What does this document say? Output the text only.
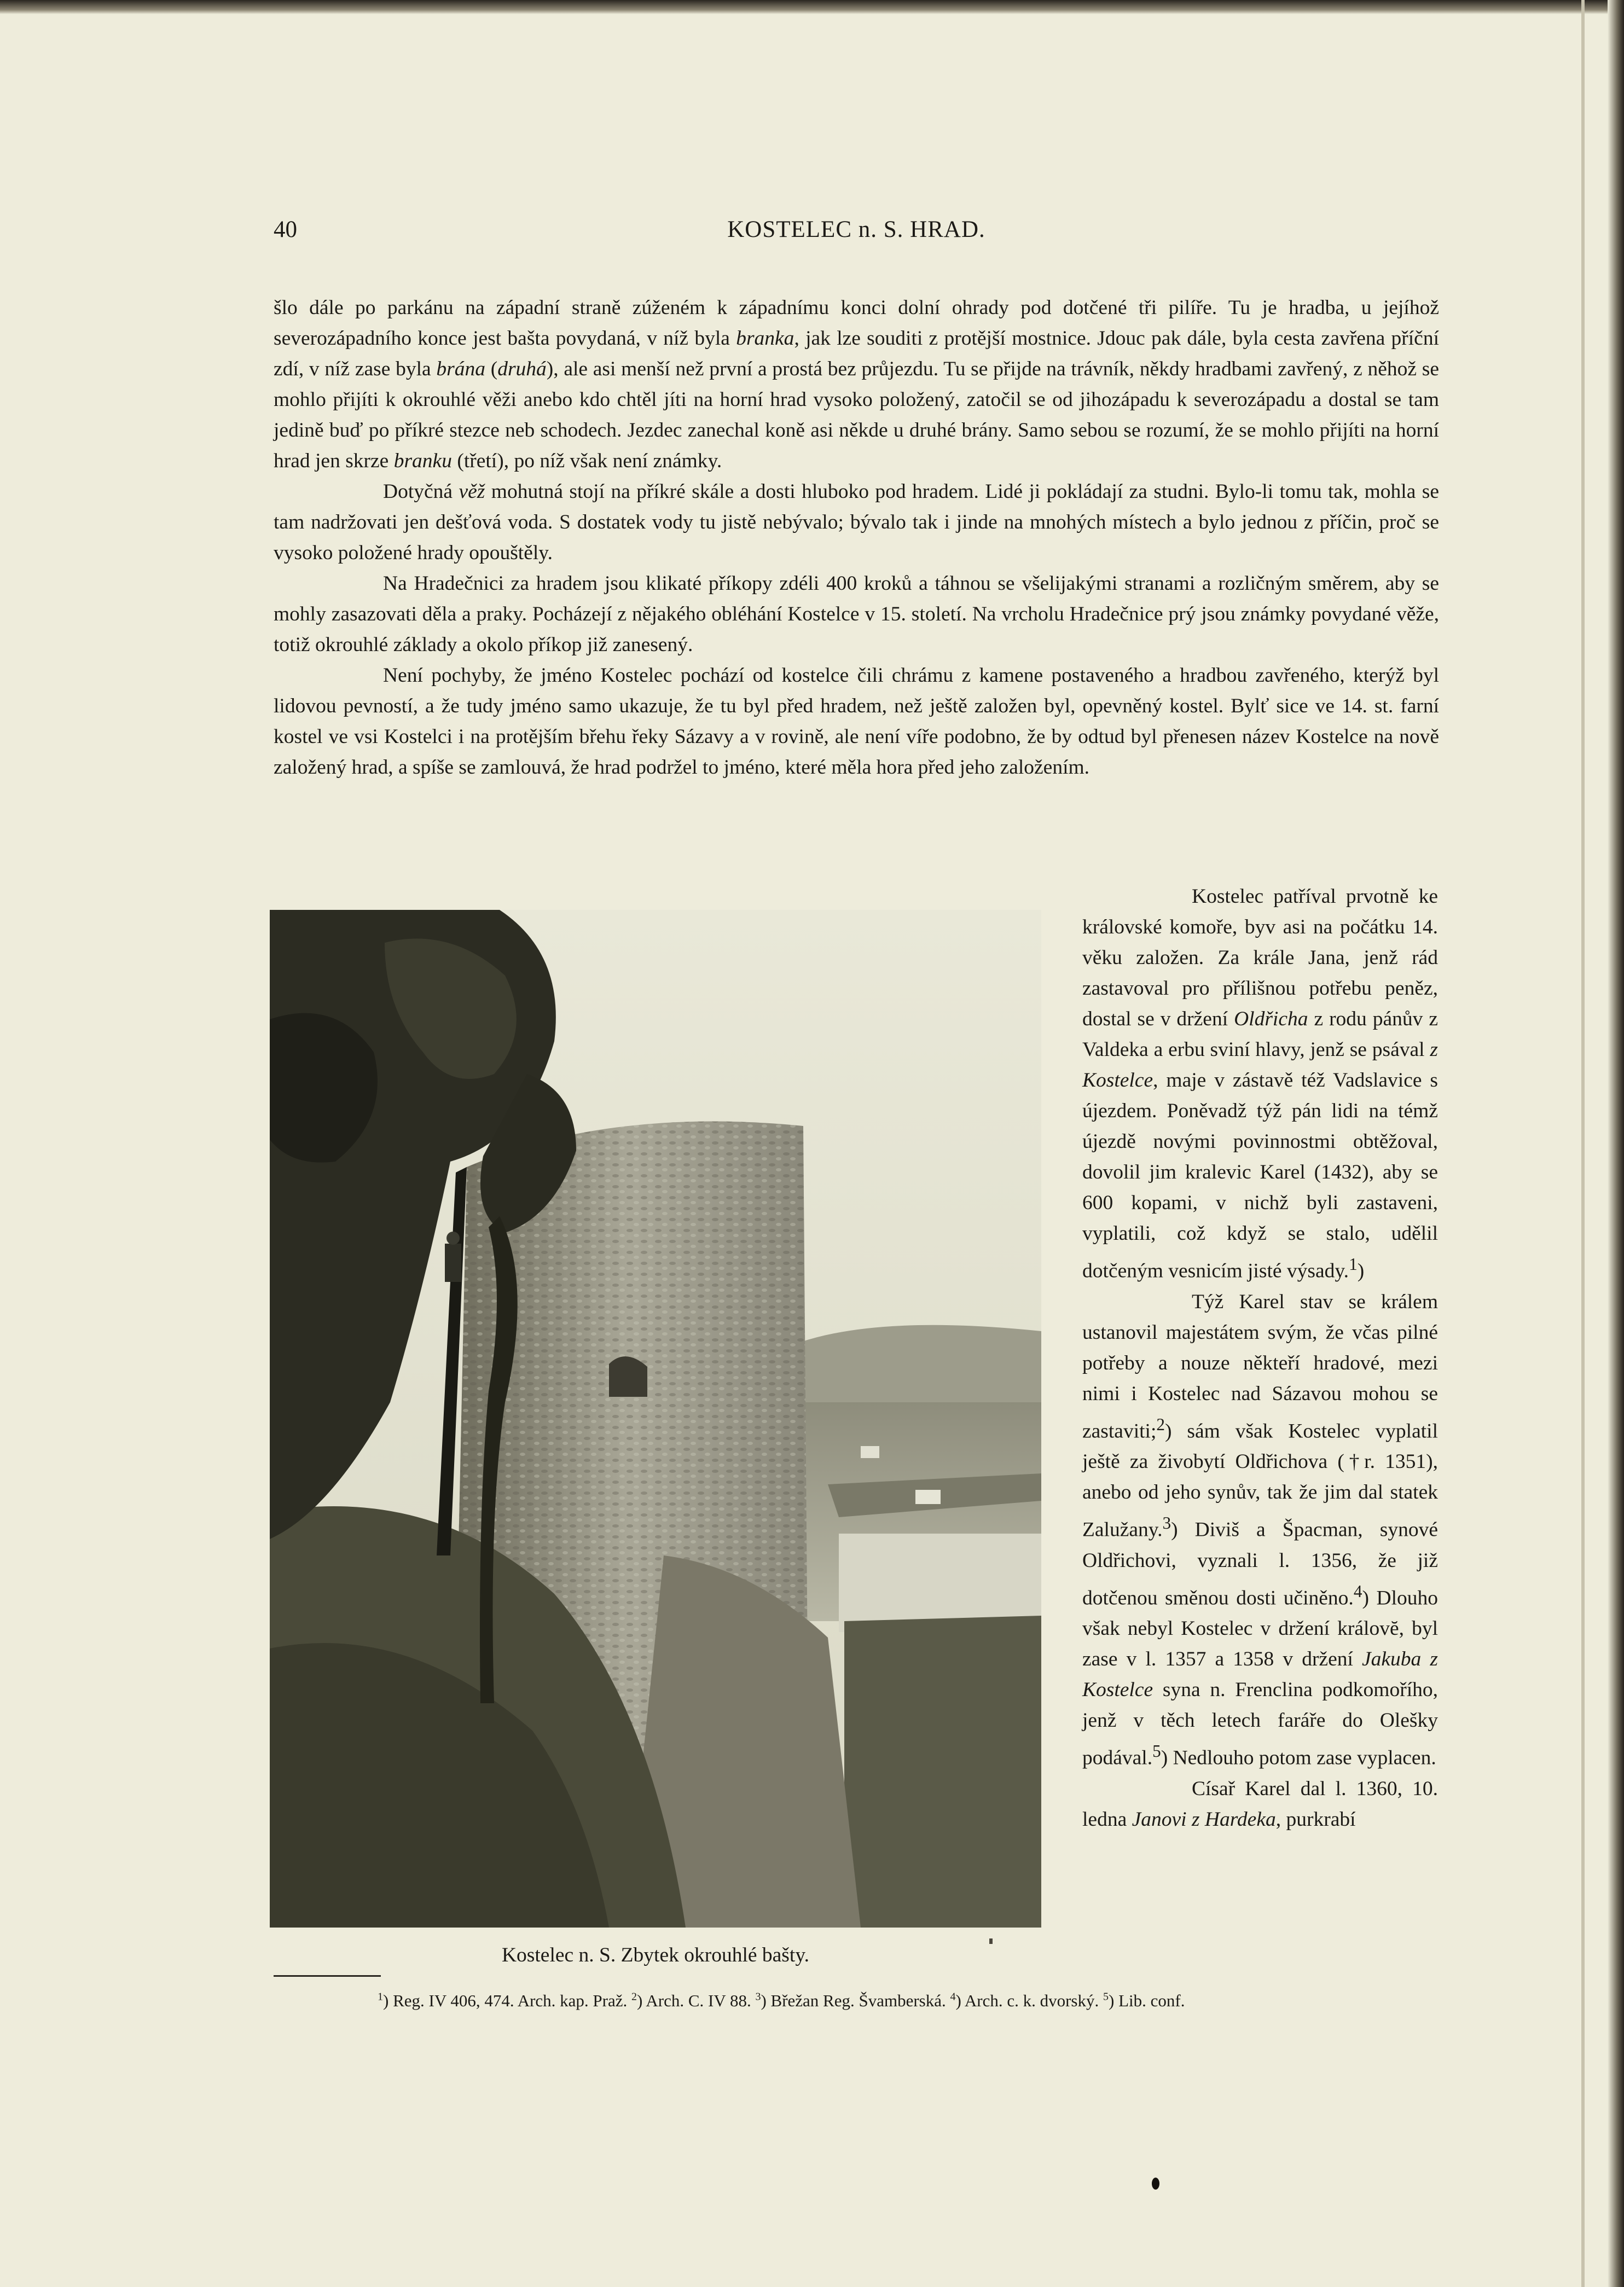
40	KOSTELEC n. S. HRAD.

šlo dále po parkánu na západní straně zúženém k západnímu konci dolní ohrady pod dotčené tři pilíře. Tu je hradba, u jejíhož severozápadního konce jest bašta povydaná, v níž byla branka, jak lze souditi z protější mostnice. Jdouc pak dále, byla cesta zavřena příční zdí, v níž zase byla brána (druhá), ale asi menší než první a prostá bez průjezdu. Tu se přijde na trávník, někdy hradbami zavřený, z něhož se mohlo přijíti k okrouhlé věži anebo kdo chtěl jíti na horní hrad vysoko položený, zatočil se od jihozápadu k severozápadu a dostal se tam jedině buď po příkré stezce neb schodech. Jezdec zanechal koně asi někde u druhé brány. Samo sebou se rozumí, že se mohlo přijíti na horní hrad jen skrze branku (třetí), po níž však není známky.

Dotyčná věž mohutná stojí na příkré skále a dosti hluboko pod hradem. Lidé ji pokládají za studni. Bylo-li tomu tak, mohla se tam nadržovati jen dešťová voda. S dostatek vody tu jistě nebývalo; bývalo tak i jinde na mnohých místech a bylo jednou z příčin, proč se vysoko položené hrady opouštěly.

Na Hradečnici za hradem jsou klikaté příkopy zdéli 400 kroků a táhnou se všelijakými stranami a rozličným směrem, aby se mohly zasazovati děla a praky. Pocházejí z nějakého obléhání Kostelce v 15. století. Na vrcholu Hradečnice prý jsou známky povydané věže, totiž okrouhlé základy a okolo příkop již zanesený.

Není pochyby, že jméno Kostelec pochází od kostelce čili chrámu z kamene postaveného a hradbou zavřeného, kterýž byl lidovou pevností, a že tudy jméno samo ukazuje, že tu byl před hradem, než ještě založen byl, opevněný kostel. Bylť sice ve 14. st. farní kostel ve vsi Kostelci i na protějším břehu řeky Sázavy a v rovině, ale není víře podobno, že by odtud byl přenesen název Kostelce na nově založený hrad, a spíše se zamlouvá, že hrad podržel to jméno, které měla hora před jeho založením.

Kostelec patříval prvotně ke královské komoře, byv asi na počátku 14. věku založen. Za krále Jana, jenž rád zastavoval pro přílišnou potřebu peněz, dostal se v držení Oldřicha z rodu pánův z Valdeka a erbu sviní hlavy, jenž se psával z Kostelce, maje v zástavě též Vadslavice s újezdem. Poněvadž týž pán lidi na témž újezdě novými povinnostmi obtěžoval, dovolil jim kralevic Karel (1432), aby se 600 kopami, v nichž byli zastaveni, vyplatili, což když se stalo, udělil dotčeným vesnicím jisté výsady.$^1$)

Týž Karel stav se králem ustanovil majestátem svým, že včas pilné potřeby a nouze někteří hradové, mezi nimi i Kostelec nad Sázavou mohou se zastaviti;$^2$) sám však Kostelec vyplatil ještě za živobytí Oldřichova (†r. 1351), anebo od jeho synův, tak že jim dal statek Zalužany.$^3$) Diviš a Špacman, synové Oldřichovi, vyznali l. 1356, že již dotčenou směnou dosti učiněno.$^4$) Dlouho však nebyl Kostelec v držení královĕ, byl zase v l. 1357 a 1358 v držení Jakuba z Kostelce syna n. Frenclina podkomořího, jenž v těch letech faráře do Olešky podával.$^5$) Nedlouho potom zase vyplacen.

Císař Karel dal l. 1360, 10. ledna Janovi z Hardeka, purkrabí

Kostelec n. S. Zbytek okrouhlé bašty.
$^1$) Reg. IV 406, 474. Arch. kap. Praž. $^2$) Arch. C. IV 88. $^3$) Břežan Reg. Švamberská. $^4$) Arch. c. k. dvorský. $^5$) Lib. conf.
